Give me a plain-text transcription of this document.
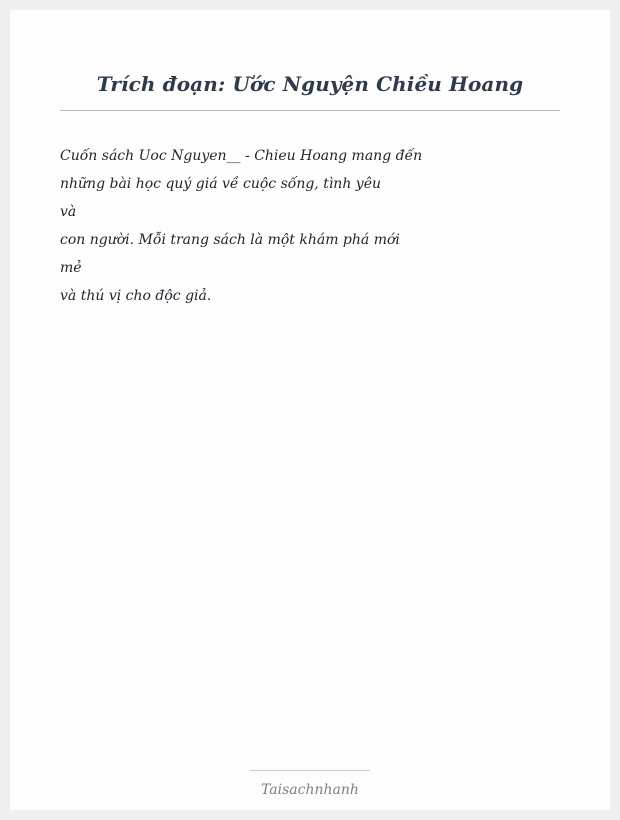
Trích đoạn: Ước Nguyện Chiều Hoang
Cuốn sách Uoc Nguyen__ - Chieu Hoang mang đến
những bài học quý giá về cuộc sống, tình yêu
và
con người. Mỗi trang sách là một khám phá mới
mẻ
và thú vị cho độc giả.
Taisachnhanh
